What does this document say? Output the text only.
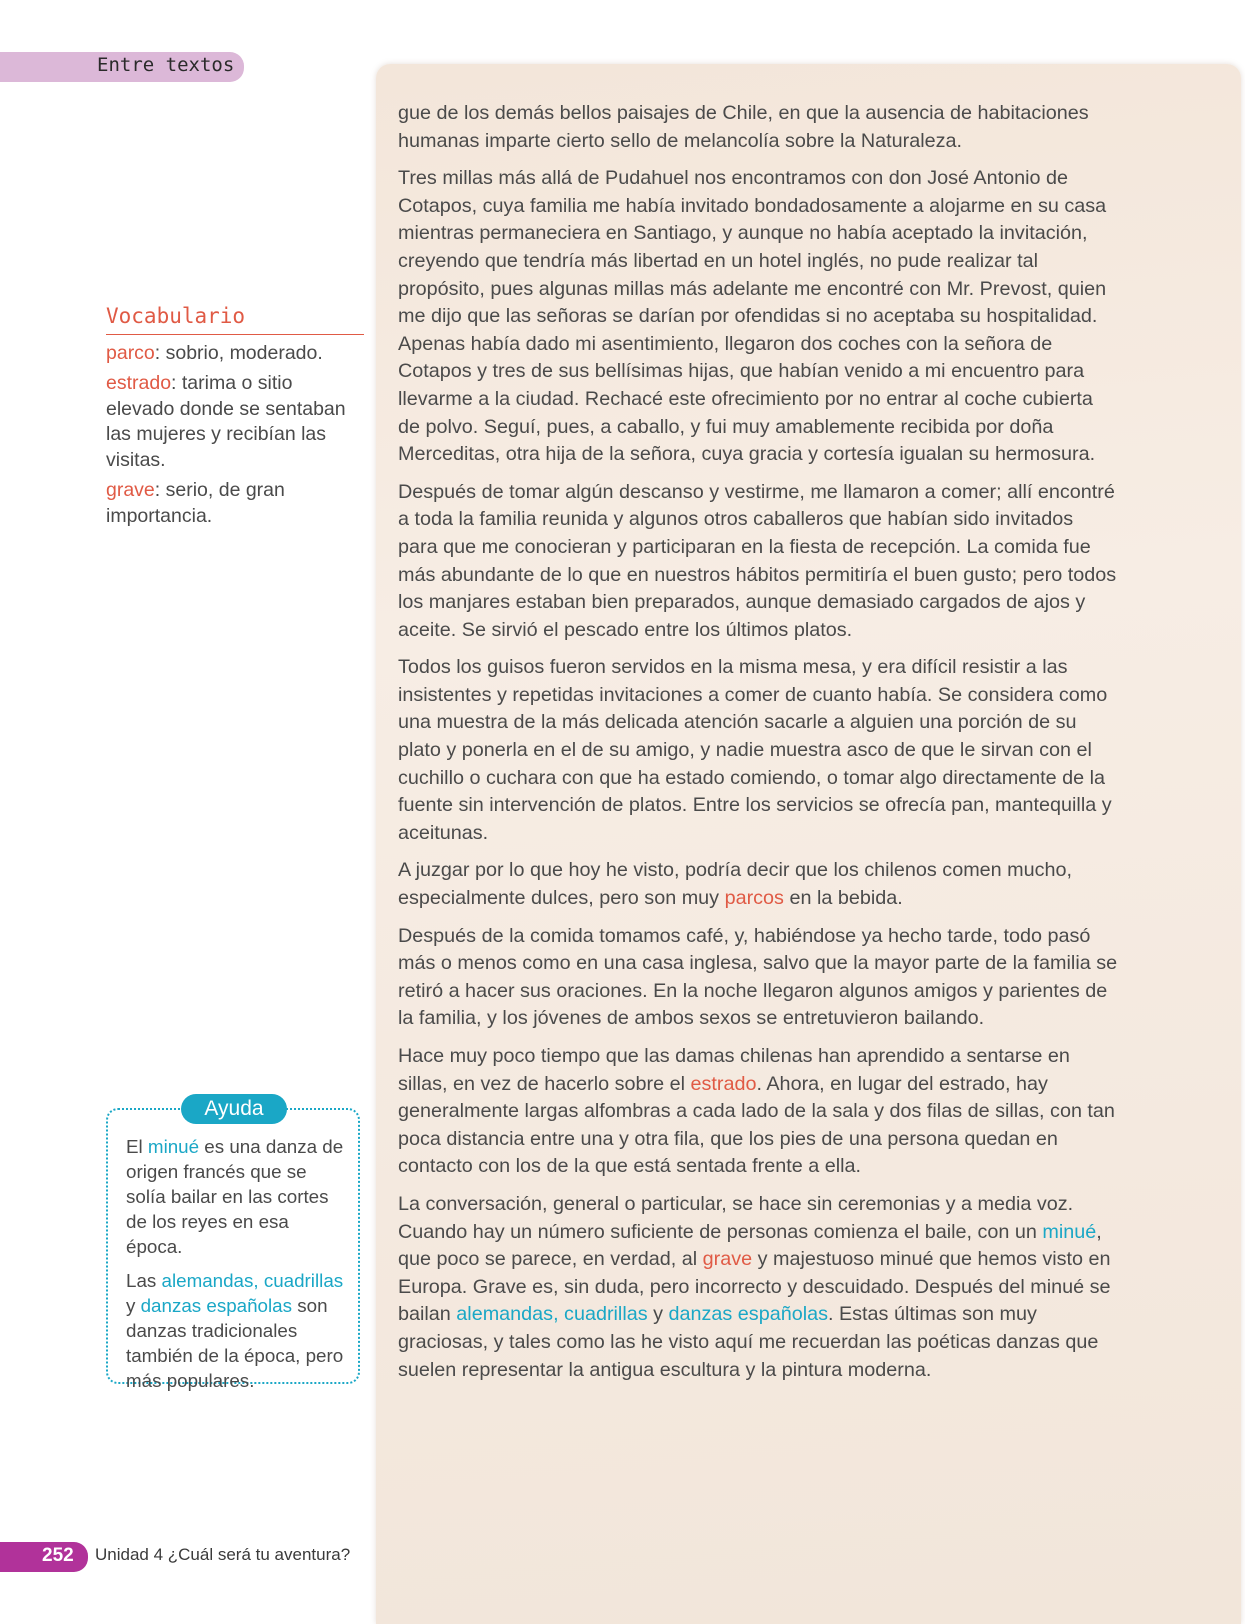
Entre textos

gue de los demás bellos paisajes de Chile, en que la ausencia de habitaciones humanas imparte cierto sello de melancolía sobre la Naturaleza.

Tres millas más allá de Pudahuel nos encontramos con don José Antonio de Cotapos, cuya familia me había invitado bondadosamente a alojarme en su casa mientras permaneciera en Santiago, y aunque no había aceptado la invitación, creyendo que tendría más libertad en un hotel inglés, no pude realizar tal propósito, pues algunas millas más adelante me encontré con Mr. Prevost, quien me dijo que las señoras se darían por ofendidas si no aceptaba su hospitalidad. Apenas había dado mi asentimiento, llegaron dos coches con la señora de Cotapos y tres de sus bellísimas hijas, que habían venido a mi encuentro para llevarme a la ciudad. Rechacé este ofrecimiento por no entrar al coche cubierta de polvo. Seguí, pues, a caballo, y fui muy amablemente recibida por doña Merceditas, otra hija de la señora, cuya gracia y cortesía igualan su hermosura.

Después de tomar algún descanso y vestirme, me llamaron a comer; allí encontré a toda la familia reunida y algunos otros caballeros que habían sido invitados para que me conocieran y participaran en la fiesta de recepción. La comida fue más abundante de lo que en nuestros hábitos permitiría el buen gusto; pero todos los manjares estaban bien preparados, aunque demasiado cargados de ajos y aceite. Se sirvió el pescado entre los últimos platos.

Todos los guisos fueron servidos en la misma mesa, y era difícil resistir a las insistentes y repetidas invitaciones a comer de cuanto había. Se considera como una muestra de la más delicada atención sacarle a alguien una porción de su plato y ponerla en el de su amigo, y nadie muestra asco de que le sirvan con el cuchillo o cuchara con que ha estado comiendo, o tomar algo directamente de la fuente sin intervención de platos. Entre los servicios se ofrecía pan, mantequilla y aceitunas.

A juzgar por lo que hoy he visto, podría decir que los chilenos comen mucho, especialmente dulces, pero son muy parcos en la bebida.

Después de la comida tomamos café, y, habiéndose ya hecho tarde, todo pasó más o menos como en una casa inglesa, salvo que la mayor parte de la familia se retiró a hacer sus oraciones. En la noche llegaron algunos amigos y parientes de la familia, y los jóvenes de ambos sexos se entretuvieron bailando.

Hace muy poco tiempo que las damas chilenas han aprendido a sentarse en sillas, en vez de hacerlo sobre el estrado. Ahora, en lugar del estrado, hay generalmente largas alfombras a cada lado de la sala y dos filas de sillas, con tan poca distancia entre una y otra fila, que los pies de una persona quedan en contacto con los de la que está sentada frente a ella.

La conversación, general o particular, se hace sin ceremonias y a media voz. Cuando hay un número suficiente de personas comienza el baile, con un minué, que poco se parece, en verdad, al grave y majestuoso minué que hemos visto en Europa. Grave es, sin duda, pero incorrecto y descuidado. Después del minué se bailan alemandas, cuadrillas y danzas españolas. Estas últimas son muy graciosas, y tales como las he visto aquí me recuerdan las poéticas danzas que suelen representar la antigua escultura y la pintura moderna.

Vocabulario

parco: sobrio, moderado.

estrado: tarima o sitio elevado donde se sentaban las mujeres y recibían las visitas.

grave: serio, de gran importancia.

Ayuda

El minué es una danza de origen francés que se solía bailar en las cortes de los reyes en esa época.

Las alemandas, cuadrillas y danzas españolas son danzas tradicionales también de la época, pero más populares.

252 Unidad 4 ¿Cuál será tu aventura?
